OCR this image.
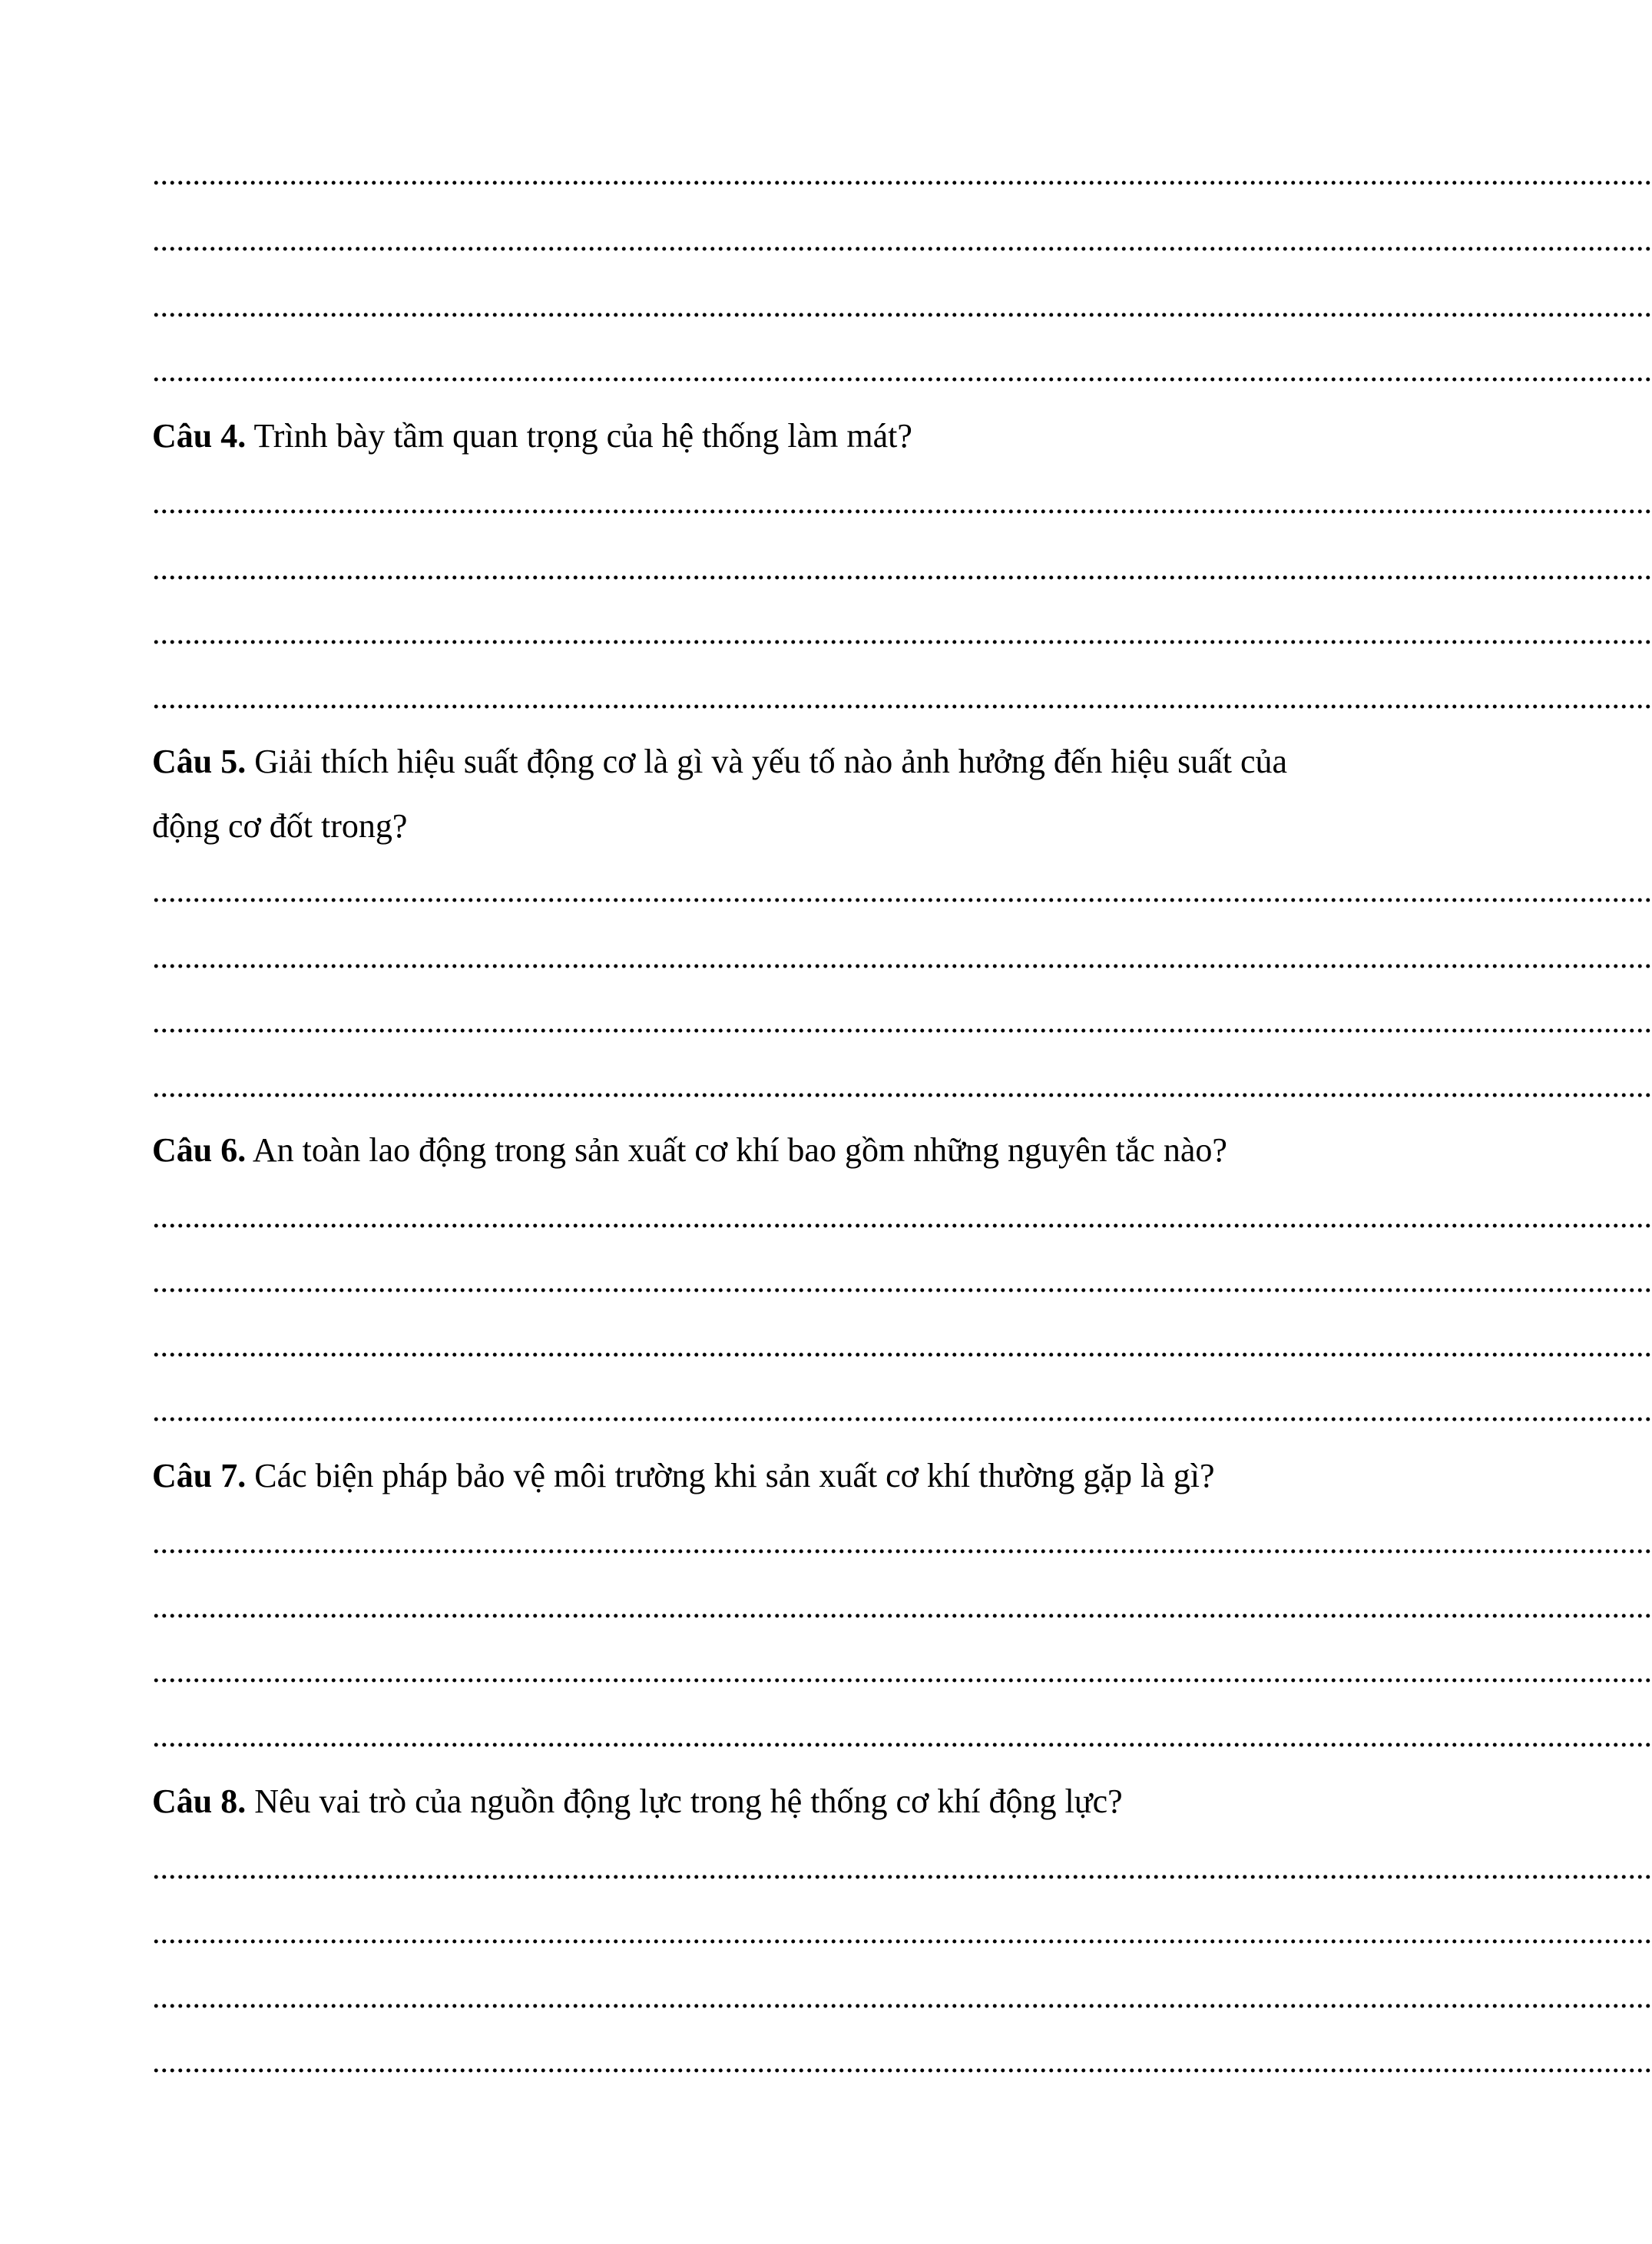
..........................................................................................................................................................................................
..........................................................................................................................................................................................
..........................................................................................................................................................................................
..........................................................................................................................................................................................
Câu 4. Trình bày tầm quan trọng của hệ thống làm mát?
..........................................................................................................................................................................................
..........................................................................................................................................................................................
..........................................................................................................................................................................................
..........................................................................................................................................................................................
Câu 5. Giải thích hiệu suất động cơ là gì và yếu tố nào ảnh hưởng đến hiệu suất của
động cơ đốt trong?
..........................................................................................................................................................................................
..........................................................................................................................................................................................
..........................................................................................................................................................................................
..........................................................................................................................................................................................
Câu 6. An toàn lao động trong sản xuất cơ khí bao gồm những nguyên tắc nào?
..........................................................................................................................................................................................
..........................................................................................................................................................................................
..........................................................................................................................................................................................
..........................................................................................................................................................................................
Câu 7. Các biện pháp bảo vệ môi trường khi sản xuất cơ khí thường gặp là gì?
..........................................................................................................................................................................................
..........................................................................................................................................................................................
..........................................................................................................................................................................................
..........................................................................................................................................................................................
Câu 8. Nêu vai trò của nguồn động lực trong hệ thống cơ khí động lực?
..........................................................................................................................................................................................
..........................................................................................................................................................................................
..........................................................................................................................................................................................
..........................................................................................................................................................................................
